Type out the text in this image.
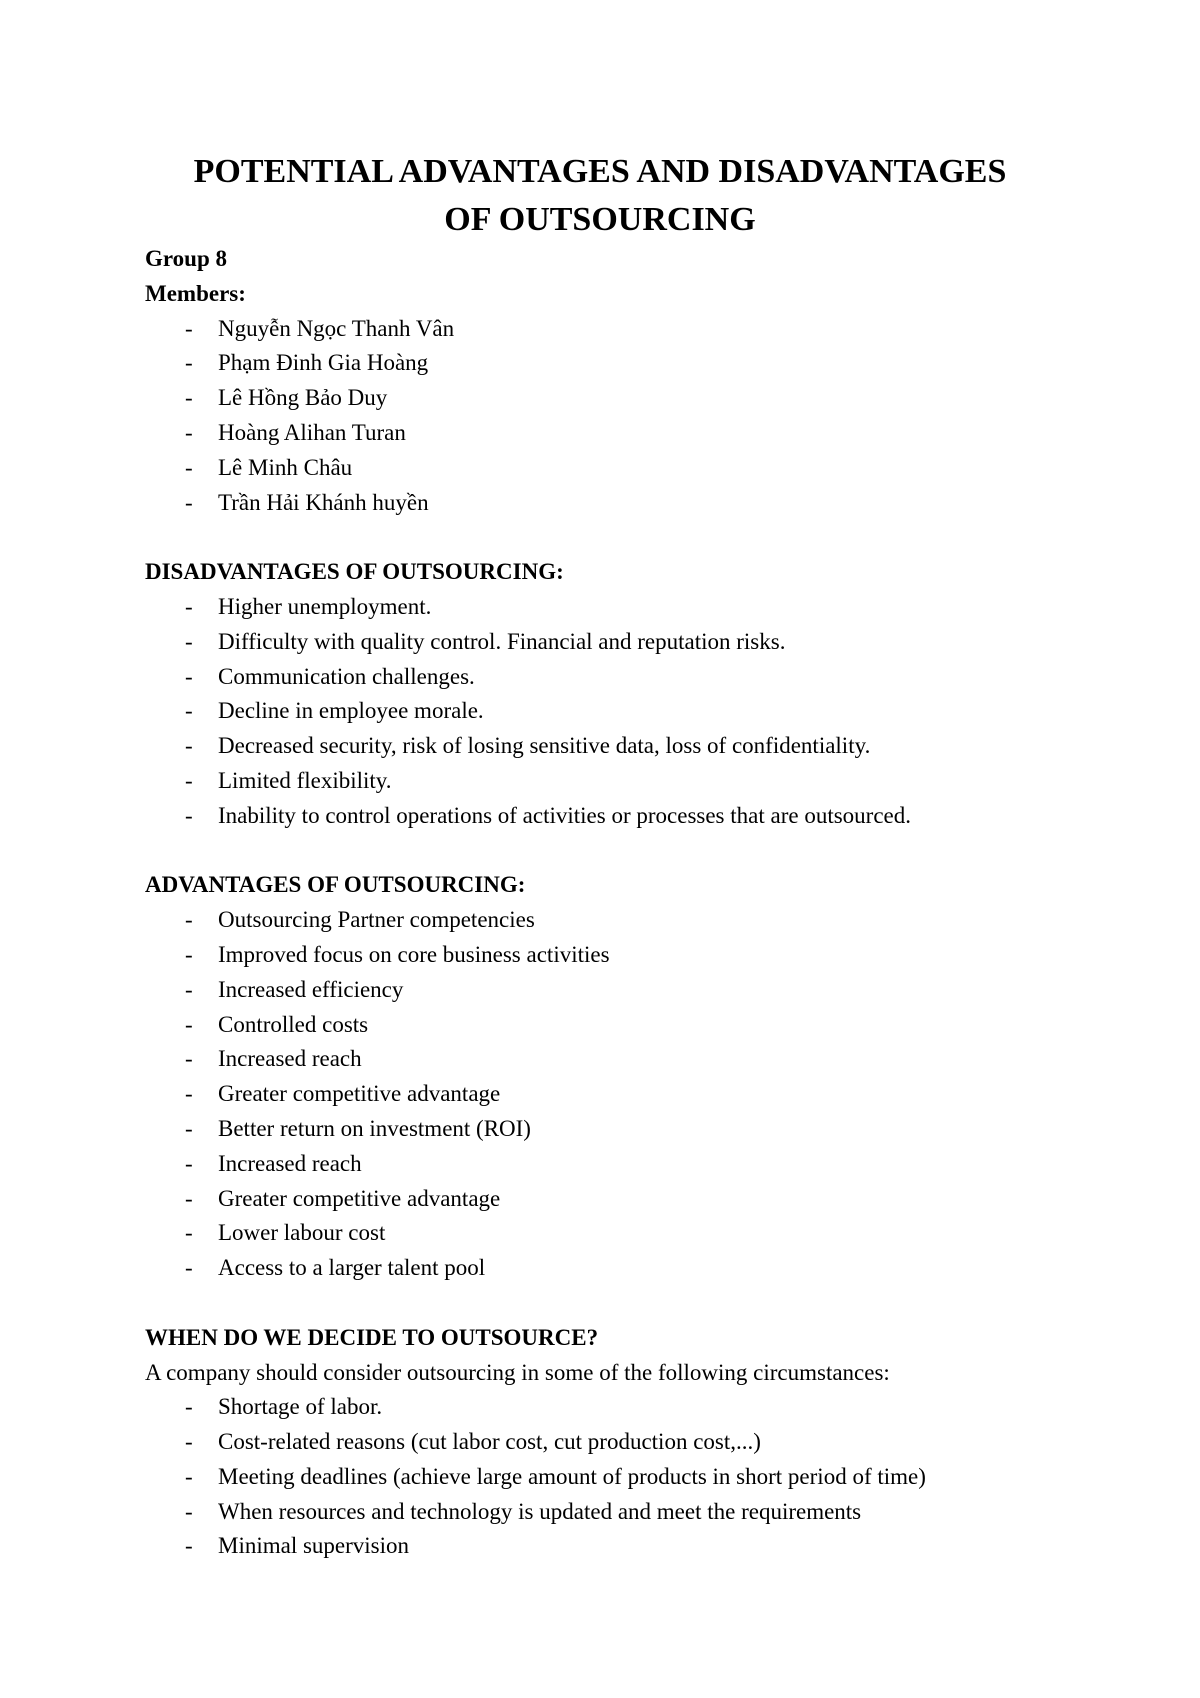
POTENTIAL ADVANTAGES AND DISADVANTAGES
OF OUTSOURCING
Group 8
Members:
- Nguyễn Ngọc Thanh Vân
- Phạm Đinh Gia Hoàng
- Lê Hồng Bảo Duy
- Hoàng Alihan Turan
- Lê Minh Châu
- Trần Hải Khánh huyền
DISADVANTAGES OF OUTSOURCING:
- Higher unemployment.
- Difficulty with quality control. Financial and reputation risks.
- Communication challenges.
- Decline in employee morale.
- Decreased security, risk of losing sensitive data, loss of confidentiality.
- Limited flexibility.
- Inability to control operations of activities or processes that are outsourced.
ADVANTAGES OF OUTSOURCING:
- Outsourcing Partner competencies
- Improved focus on core business activities
- Increased efficiency
- Controlled costs
- Increased reach
- Greater competitive advantage
- Better return on investment (ROI)
- Increased reach
- Greater competitive advantage
- Lower labour cost
- Access to a larger talent pool
WHEN DO WE DECIDE TO OUTSOURCE?
A company should consider outsourcing in some of the following circumstances:
- Shortage of labor.
- Cost-related reasons (cut labor cost, cut production cost,...)
- Meeting deadlines (achieve large amount of products in short period of time)
- When resources and technology is updated and meet the requirements
- Minimal supervision
